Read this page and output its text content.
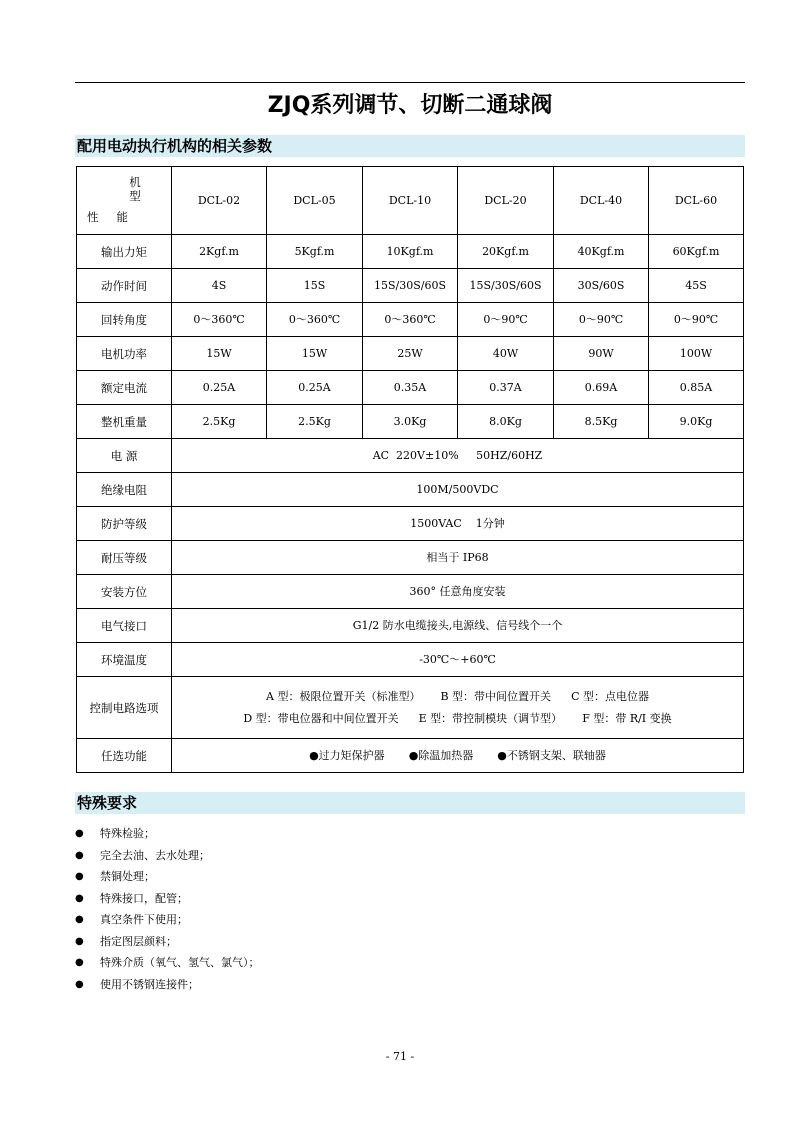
ZJQ系列调节、切断二通球阀
配用电动执行机构的相关参数
机型
性能	DCL-02	DCL-05	DCL-10	DCL-20	DCL-40	DCL-60
输出力矩	2Kgf.m	5Kgf.m	10Kgf.m	20Kgf.m	40Kgf.m	60Kgf.m
动作时间	4S	15S	15S/30S/60S	15S/30S/60S	30S/60S	45S
回转角度	0～360℃	0～360℃	0～360℃	0～90℃	0～90℃	0～90℃
电机功率	15W	15W	25W	40W	90W	100W
额定电流	0.25A	0.25A	0.35A	0.37A	0.69A	0.85A
整机重量	2.5Kg	2.5Kg	3.0Kg	8.0Kg	8.5Kg	9.0Kg
电 源	AC  220V±10%     50HZ/60HZ					
绝缘电阻	100M/500VDC					
防护等级	1500VAC    1分钟					
耐压等级	相当于 IP68					
安装方位	360° 任意角度安装					
电气接口	G1/2 防水电缆接头,电源线、信号线个一个					
环境温度	-30℃～+60℃					
控制电路选项	A 型：极限位置开关（标准型） B 型：带中间位置开关 C 型：点电位器
D 型：带电位器和中间位置开关 E 型：带控制模块（调节型） F 型：带 R/I 变换					

任选功能	●过力矩保护器 ●除温加热器 ●不锈钢支架、联轴器					
特殊要求
● 特殊检验；
● 完全去油、去水处理；
● 禁铜处理；
● 特殊接口，配管；
● 真空条件下使用；
● 指定图层颜料；
● 特殊介质（氧气、氢气、氯气）；
● 使用不锈钢连接件；
- 71 -
